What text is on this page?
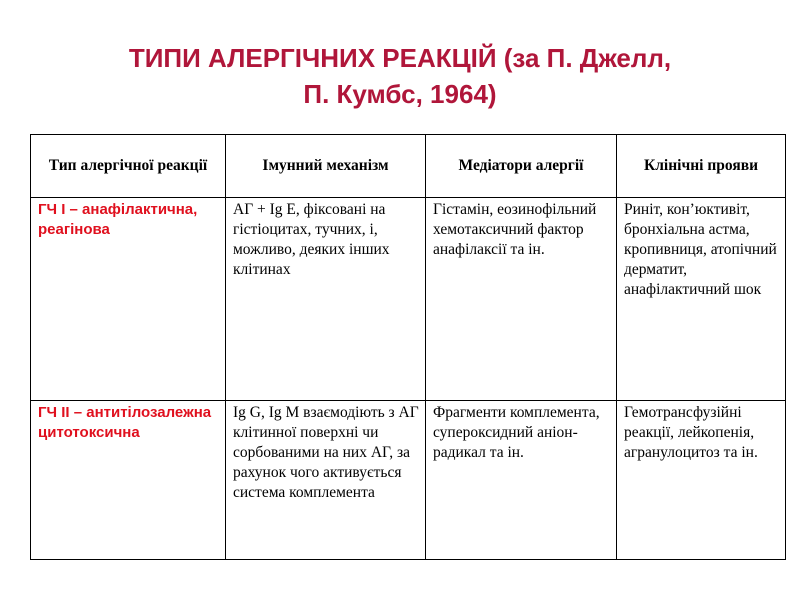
ТИПИ АЛЕРГІЧНИХ РЕАКЦІЙ (за П. Джелл,
П. Кумбс, 1964)
Тип алергічної реакції	Імунний механізм	Медіатори алергії	Клінічні прояви
ГЧ І – анафілактична, реагінова	АГ + Ig E, фіксовані на гістіоцитах, тучних, і, можливо, деяких інших клітинах	Гістамін, еозинофільний хемотаксичний фактор анафілаксії та ін.	Риніт, кон’юктивіт, бронхіальна астма, кропивниця, атопічний дерматит, анафілактичний шок
ГЧ ІІ – антитілозалежна цитотоксична	Ig G, Ig M взаємодіють з АГ клітинної поверхні чи сорбованими на них АГ, за рахунок чого активується система комплемента	Фрагменти комплемента, супероксидний аніон-радикал та ін.	Гемотрансфузійні реакції, лейкопенія, агранулоцитоз та ін.
